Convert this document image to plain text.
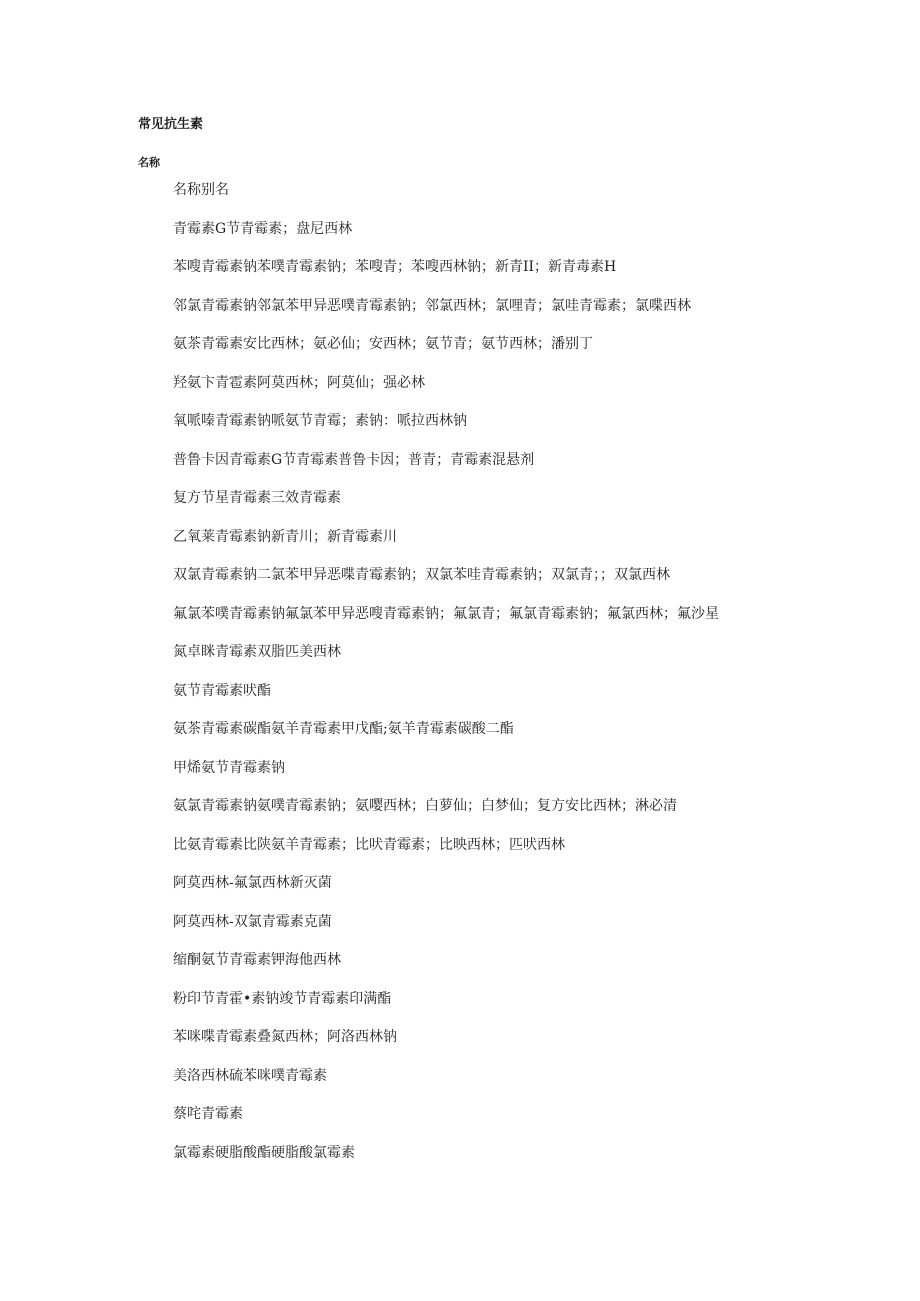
常见抗生素
名称
名称别名
青霉素G节青霉素；盘尼西林
苯嗖青霉素钠苯噗青霉素钠；苯嗖青；苯嗖西林钠；新青II；新青毒素H
邻氯青霉素钠邻氯苯甲异恶噗青霉素钠；邻氯西林；氯哩青；氯哇青霉素；氯喋西林
氨茶青霉素安比西林；氨必仙；安西林；氨节青；氨节西林；潘别丁
羟氨卞青雹素阿莫西林；阿莫仙；强必林
氧哌嗪青霉素钠哌氨节青霉；素钠：哌拉西林钠
普鲁卡因青霉素G节青霉素普鲁卡因；普青；青霉素混悬剂
复方节星青霉素三效青霉素
乙氧莱青霉素钠新青川；新青霉素川
双氯青霉素钠二氯苯甲异恶喋青霉素钠；双氯苯哇青霉素钠；双氯青；；双氯西林
氟氯苯噗青霉素钠氟氯苯甲异恶嗖青霉素钠；氟氯青；氟氯青霉素钠；氟氯西林；氟沙星
氮卓眯青霉素双脂匹美西林
氨节青霉素吠酯
氨茶青霉素碳酯氨羊青霉素甲戊酯;氨羊青霉素碳酸二酯
甲烯氨节青霉素钠
氨氯青霉素钠氨噗青霉素钠；氨嘤西林；白萝仙；白梦仙；复方安比西林；淋必清
比氨青霉素比陕氨羊青霉素；比吠青霉素；比映西林；匹吠西林
阿莫西林-氟氯西林新灭菌
阿莫西林-双氯青霉素克菌
缩酮氨节青霉素钾海他西林
粉印节青霍•素钠竣节青霉素印满酯
苯咪喋青霉素叠氮西林；阿洛西林钠
美洛西林硫苯咪噗青霉素
蔡咤青霉素
氯霉素硬脂酸酯硬脂酸氯霉素
